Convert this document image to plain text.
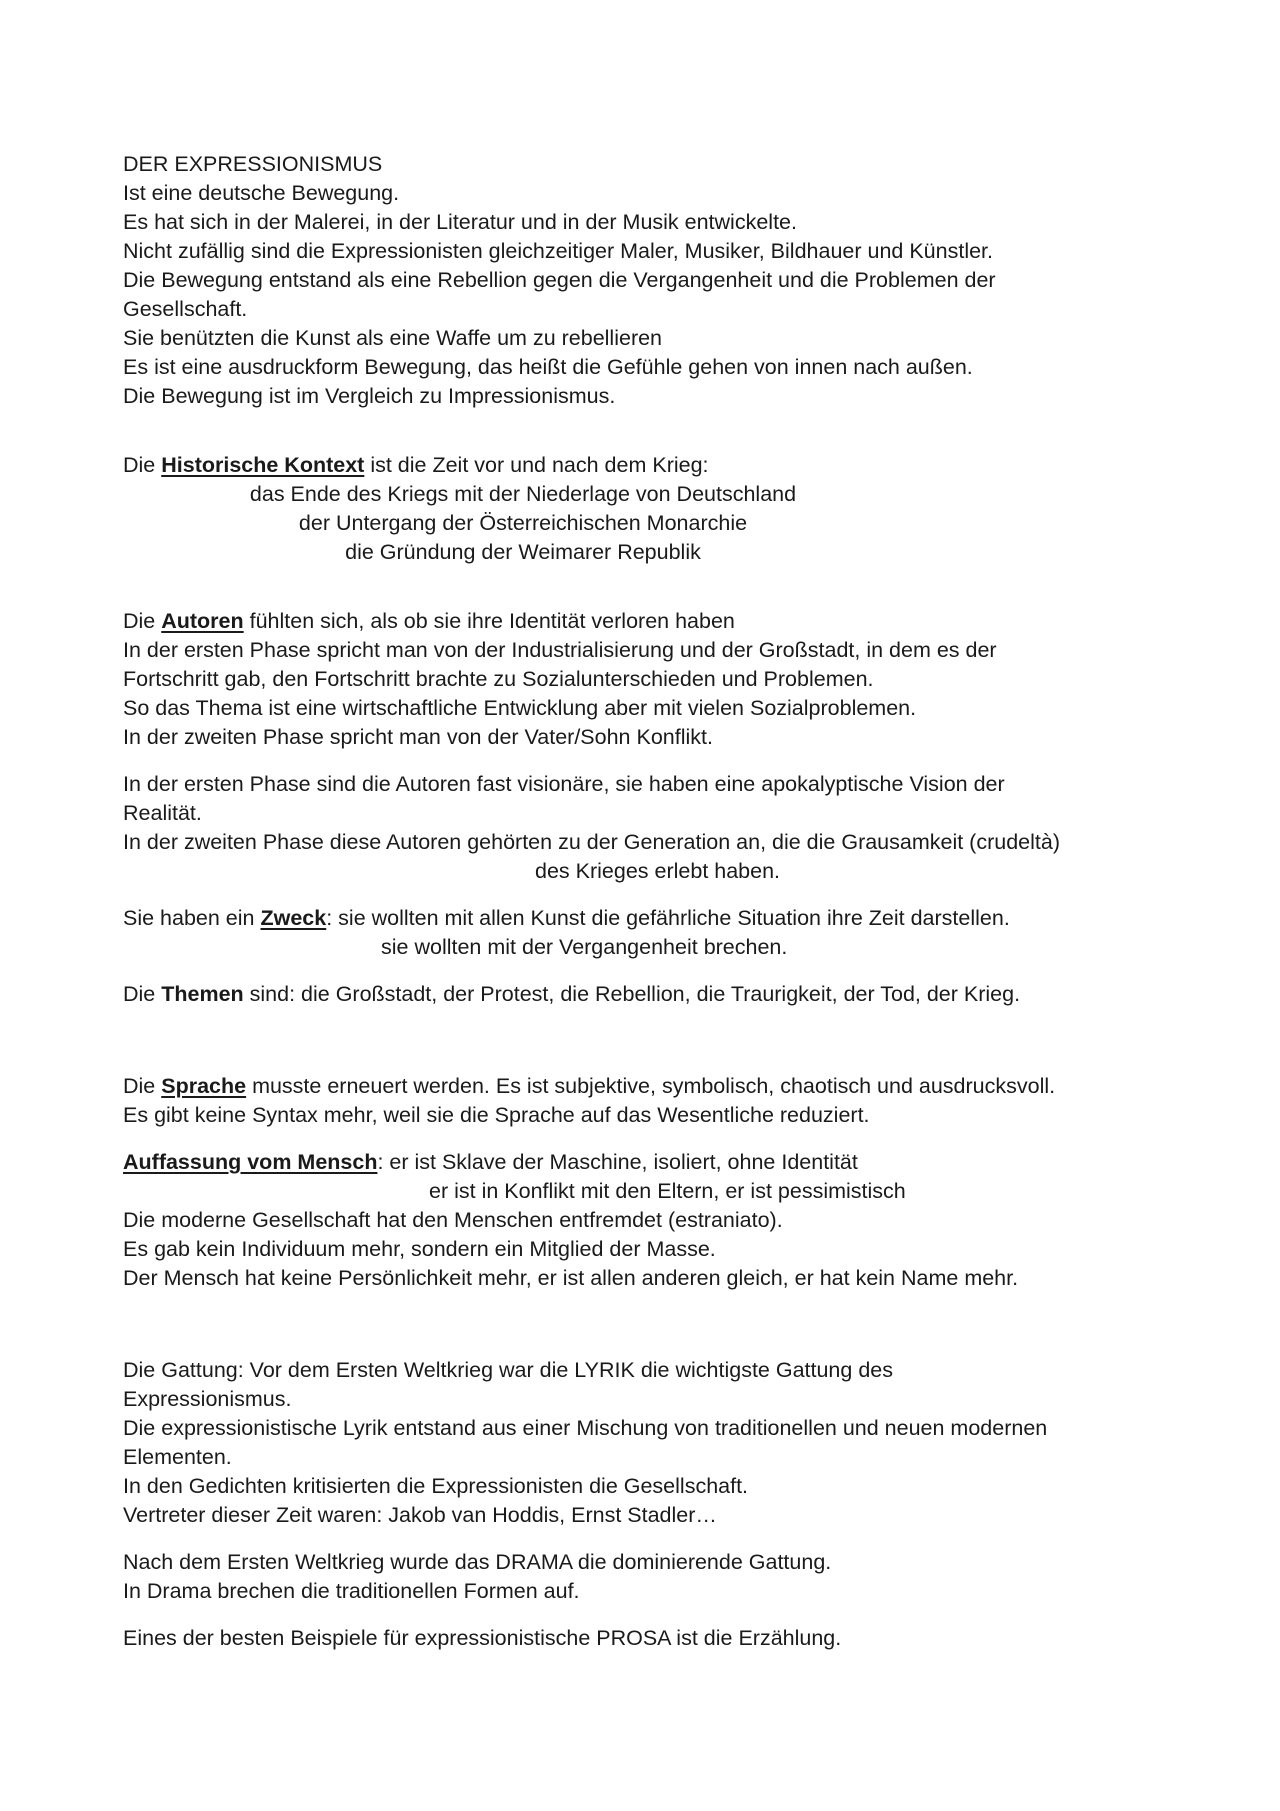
DER EXPRESSIONISMUS
Ist eine deutsche Bewegung.
Es hat sich in der Malerei, in der Literatur und in der Musik entwickelte.
Nicht zufällig sind die Expressionisten gleichzeitiger Maler, Musiker, Bildhauer und Künstler.
Die Bewegung entstand als eine Rebellion gegen die Vergangenheit und die Problemen der
Gesellschaft.
Sie benützten die Kunst als eine Waffe um zu rebellieren
Es ist eine ausdruckform Bewegung, das heißt die Gefühle gehen von innen nach außen.
Die Bewegung ist im Vergleich zu Impressionismus.
Die Historische Kontext ist die Zeit vor und nach dem Krieg:
das Ende des Kriegs mit der Niederlage von Deutschland
der Untergang der Österreichischen Monarchie
die Gründung der Weimarer Republik
Die Autoren fühlten sich, als ob sie ihre Identität verloren haben
In der ersten Phase spricht man von der Industrialisierung und der Großstadt, in dem es der
Fortschritt gab, den Fortschritt brachte zu Sozialunterschieden und Problemen.
So das Thema ist eine wirtschaftliche Entwicklung aber mit vielen Sozialproblemen.
In der zweiten Phase spricht man von der Vater/Sohn Konflikt.
In der ersten Phase sind die Autoren fast visionäre, sie haben eine apokalyptische Vision der
Realität.
In der zweiten Phase diese Autoren gehörten zu der Generation an, die die Grausamkeit (crudeltà)
des Krieges erlebt haben.
Sie haben ein Zweck: sie wollten mit allen Kunst die gefährliche Situation ihre Zeit darstellen.
sie wollten mit der Vergangenheit brechen.
Die Themen sind: die Großstadt, der Protest, die Rebellion, die Traurigkeit, der Tod, der Krieg.
Die Sprache musste erneuert werden. Es ist subjektive, symbolisch, chaotisch und ausdrucksvoll.
Es gibt keine Syntax mehr, weil sie die Sprache auf das Wesentliche reduziert.
Auffassung vom Mensch: er ist Sklave der Maschine, isoliert, ohne Identität
er ist in Konflikt mit den Eltern, er ist pessimistisch
Die moderne Gesellschaft hat den Menschen entfremdet (estraniato).
Es gab kein Individuum mehr, sondern ein Mitglied der Masse.
Der Mensch hat keine Persönlichkeit mehr, er ist allen anderen gleich, er hat kein Name mehr.
Die Gattung: Vor dem Ersten Weltkrieg war die LYRIK die wichtigste Gattung des
Expressionismus.
Die expressionistische Lyrik entstand aus einer Mischung von traditionellen und neuen modernen
Elementen.
In den Gedichten kritisierten die Expressionisten die Gesellschaft.
Vertreter dieser Zeit waren: Jakob van Hoddis, Ernst Stadler…
Nach dem Ersten Weltkrieg wurde das DRAMA die dominierende Gattung.
In Drama brechen die traditionellen Formen auf.
Eines der besten Beispiele für expressionistische PROSA ist die Erzählung.
